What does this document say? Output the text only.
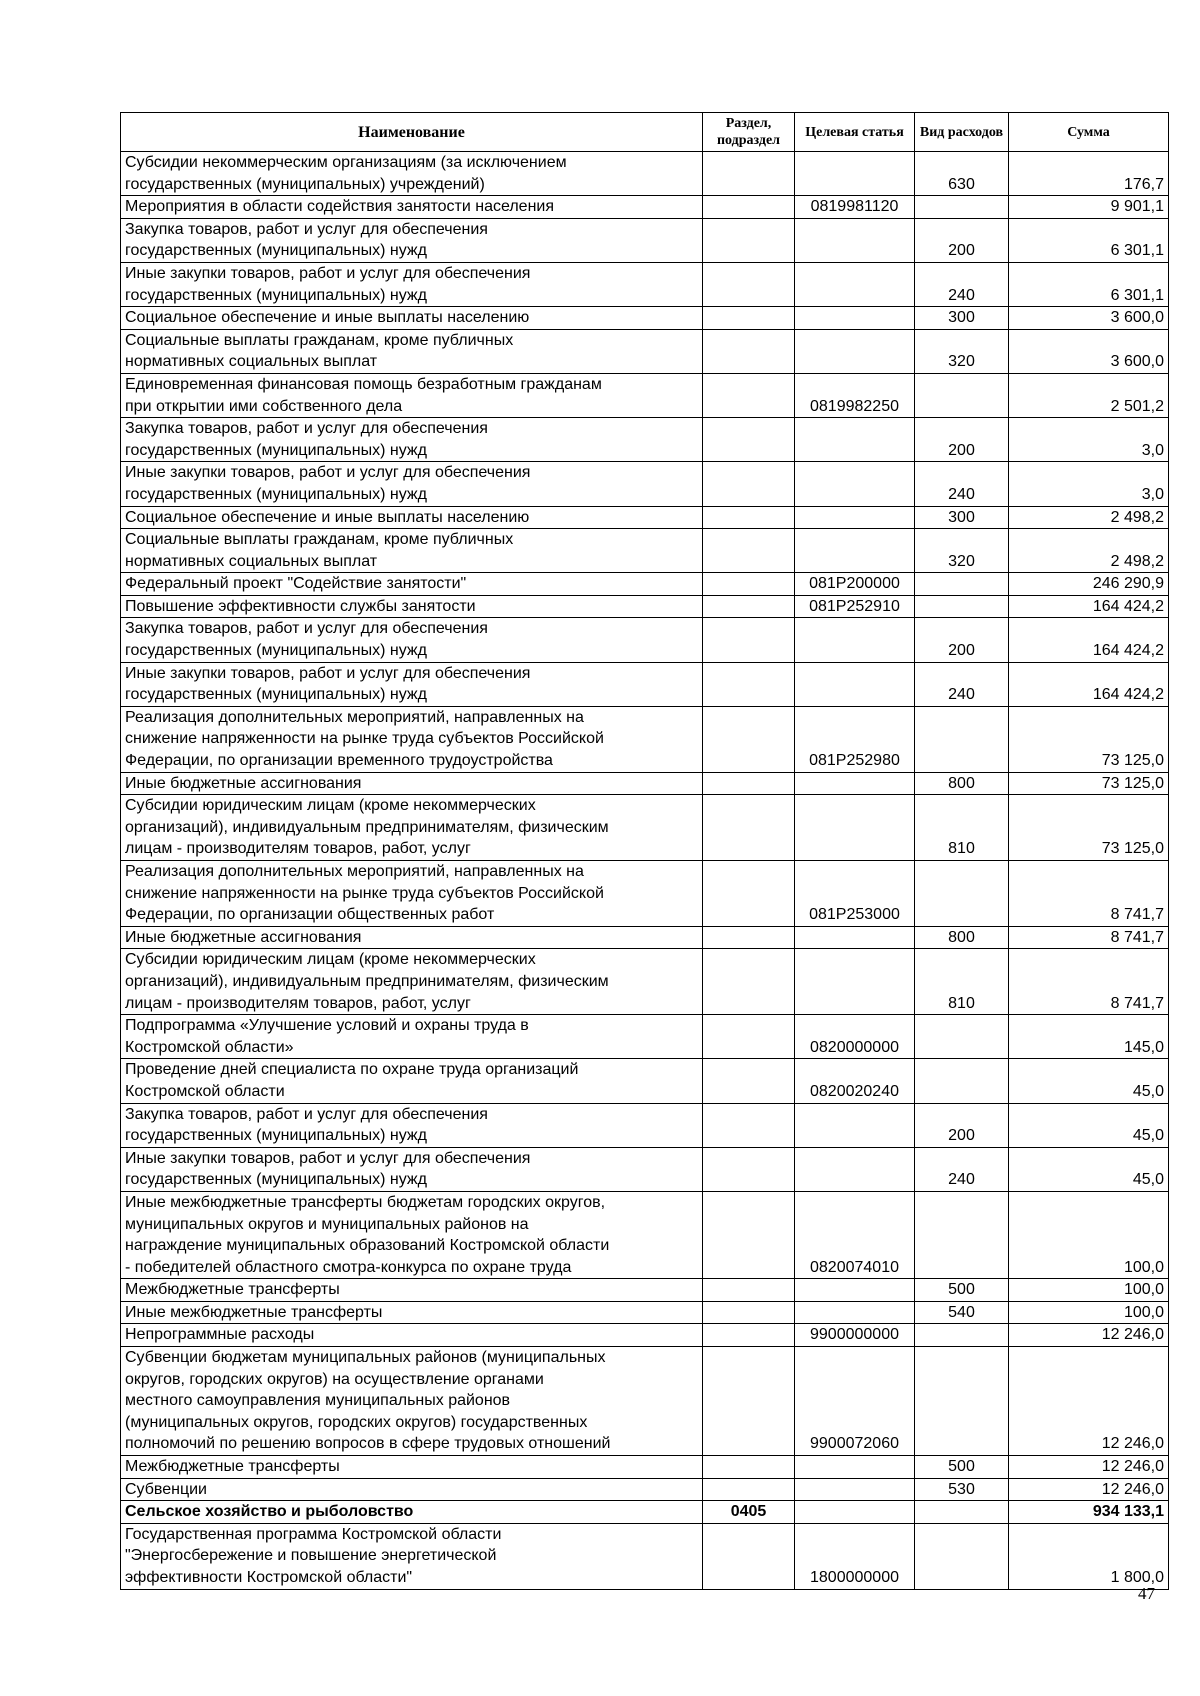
Наименование	Раздел, подраздел	Целевая статья	Вид расходов	Сумма
Субсидии некоммерческим организациям (за исключением
государственных (муниципальных) учреждений)			630	176,7
Мероприятия в области содействия занятости населения		0819981120		9 901,1
Закупка товаров, работ и услуг для обеспечения
государственных (муниципальных) нужд			200	6 301,1
Иные закупки товаров, работ и услуг для обеспечения
государственных (муниципальных) нужд			240	6 301,1
Социальное обеспечение и иные выплаты населению			300	3 600,0
Социальные выплаты гражданам, кроме публичных
нормативных социальных выплат			320	3 600,0
Единовременная финансовая помощь безработным гражданам
при открытии ими собственного дела		0819982250		2 501,2
Закупка товаров, работ и услуг для обеспечения
государственных (муниципальных) нужд			200	3,0
Иные закупки товаров, работ и услуг для обеспечения
государственных (муниципальных) нужд			240	3,0
Социальное обеспечение и иные выплаты населению			300	2 498,2
Социальные выплаты гражданам, кроме публичных
нормативных социальных выплат			320	2 498,2
Федеральный проект "Содействие занятости"		081P200000		246 290,9
Повышение эффективности службы занятости		081P252910		164 424,2
Закупка товаров, работ и услуг для обеспечения
государственных (муниципальных) нужд			200	164 424,2
Иные закупки товаров, работ и услуг для обеспечения
государственных (муниципальных) нужд			240	164 424,2
Реализация дополнительных мероприятий, направленных на
снижение напряженности на рынке труда субъектов Российской
Федерации, по организации временного трудоустройства		081P252980		73 125,0
Иные бюджетные ассигнования			800	73 125,0
Субсидии юридическим лицам (кроме некоммерческих
организаций), индивидуальным предпринимателям, физическим
лицам - производителям товаров, работ, услуг			810	73 125,0
Реализация дополнительных мероприятий, направленных на
снижение напряженности на рынке труда субъектов Российской
Федерации, по организации общественных работ		081P253000		8 741,7
Иные бюджетные ассигнования			800	8 741,7
Субсидии юридическим лицам (кроме некоммерческих
организаций), индивидуальным предпринимателям, физическим
лицам - производителям товаров, работ, услуг			810	8 741,7
Подпрограмма «Улучшение условий и охраны труда в
Костромской области»		0820000000		145,0
Проведение дней специалиста по охране труда организаций
Костромской области		0820020240		45,0
Закупка товаров, работ и услуг для обеспечения
государственных (муниципальных) нужд			200	45,0
Иные закупки товаров, работ и услуг для обеспечения
государственных (муниципальных) нужд			240	45,0
Иные межбюджетные трансферты бюджетам городских округов,
муниципальных округов и муниципальных районов на
награждение муниципальных образований Костромской области
- победителей областного смотра-конкурса по охране труда		0820074010		100,0
Межбюджетные трансферты			500	100,0
Иные межбюджетные трансферты			540	100,0
Непрограммные расходы		9900000000		12 246,0
Субвенции бюджетам муниципальных районов (муниципальных
округов, городских округов) на осуществление органами
местного самоуправления муниципальных районов
(муниципальных округов, городских округов) государственных
полномочий по решению вопросов в сфере трудовых отношений		9900072060		12 246,0
Межбюджетные трансферты			500	12 246,0
Субвенции			530	12 246,0
Сельское хозяйство и рыболовство	0405			934 133,1
Государственная программа Костромской области
"Энергосбережение и повышение энергетической
эффективности Костромской области"		1800000000		1 800,0
47
